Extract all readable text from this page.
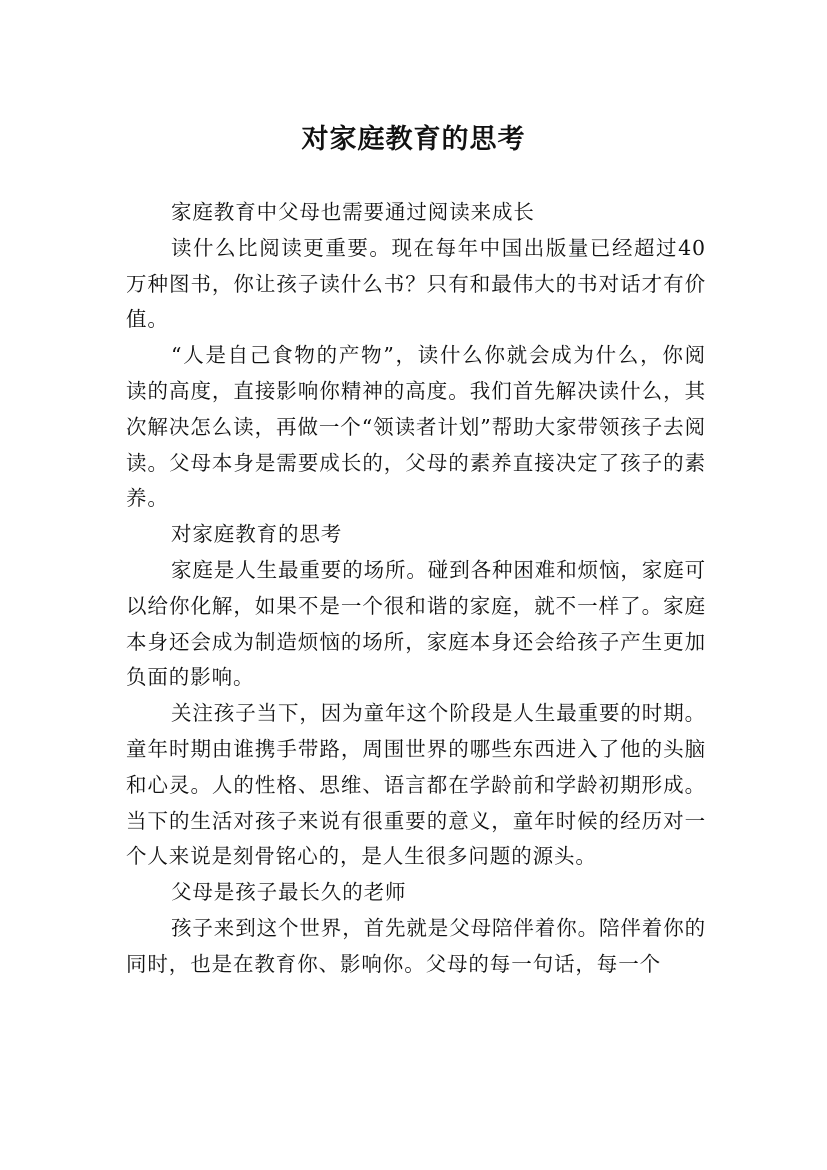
对家庭教育的思考

家庭教育中父母也需要通过阅读来成长

读什么比阅读更重要。现在每年中国出版量已经超过40万种图书，你让孩子读什么书？只有和最伟大的书对话才有价值。

“人是自己食物的产物”，读什么你就会成为什么，你阅读的高度，直接影响你精神的高度。我们首先解决读什么，其次解决怎么读，再做一个“领读者计划”帮助大家带领孩子去阅读。父母本身是需要成长的，父母的素养直接决定了孩子的素养。

对家庭教育的思考

家庭是人生最重要的场所。碰到各种困难和烦恼，家庭可以给你化解，如果不是一个很和谐的家庭，就不一样了。家庭本身还会成为制造烦恼的场所，家庭本身还会给孩子产生更加负面的影响。

关注孩子当下，因为童年这个阶段是人生最重要的时期。童年时期由谁携手带路，周围世界的哪些东西进入了他的头脑和心灵。人的性格、思维、语言都在学龄前和学龄初期形成。当下的生活对孩子来说有很重要的意义，童年时候的经历对一个人来说是刻骨铭心的，是人生很多问题的源头。

父母是孩子最长久的老师

孩子来到这个世界，首先就是父母陪伴着你。陪伴着你的同时，也是在教育你、影响你。父母的每一句话，每一个
